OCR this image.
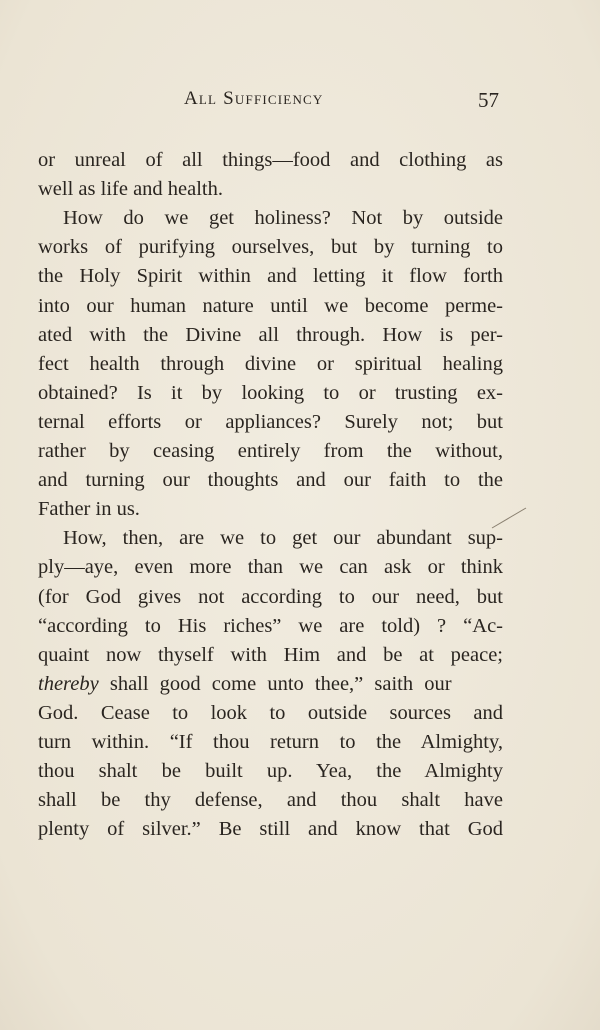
All Sufficiency	57
or unreal of all things—food and clothing as
well as life and health.
How do we get holiness? Not by outside
works of purifying ourselves, but by turning to
the Holy Spirit within and letting it flow forth
into our human nature until we become perme-
ated with the Divine all through. How is per-
fect health through divine or spiritual healing
obtained? Is it by looking to or trusting ex-
ternal efforts or appliances? Surely not; but
rather by ceasing entirely from the without,
and turning our thoughts and our faith to the
Father in us.
How, then, are we to get our abundant sup-
ply—aye, even more than we can ask or think
(for God gives not according to our need, but
“according to His riches” we are told) ? “Ac-
quaint now thyself with Him and be at peace;
thereby shall good come unto thee,” saith our
God. Cease to look to outside sources and
turn within. “If thou return to the Almighty,
thou shalt be built up. Yea, the Almighty
shall be thy defense, and thou shalt have
plenty of silver.” Be still and know that God
